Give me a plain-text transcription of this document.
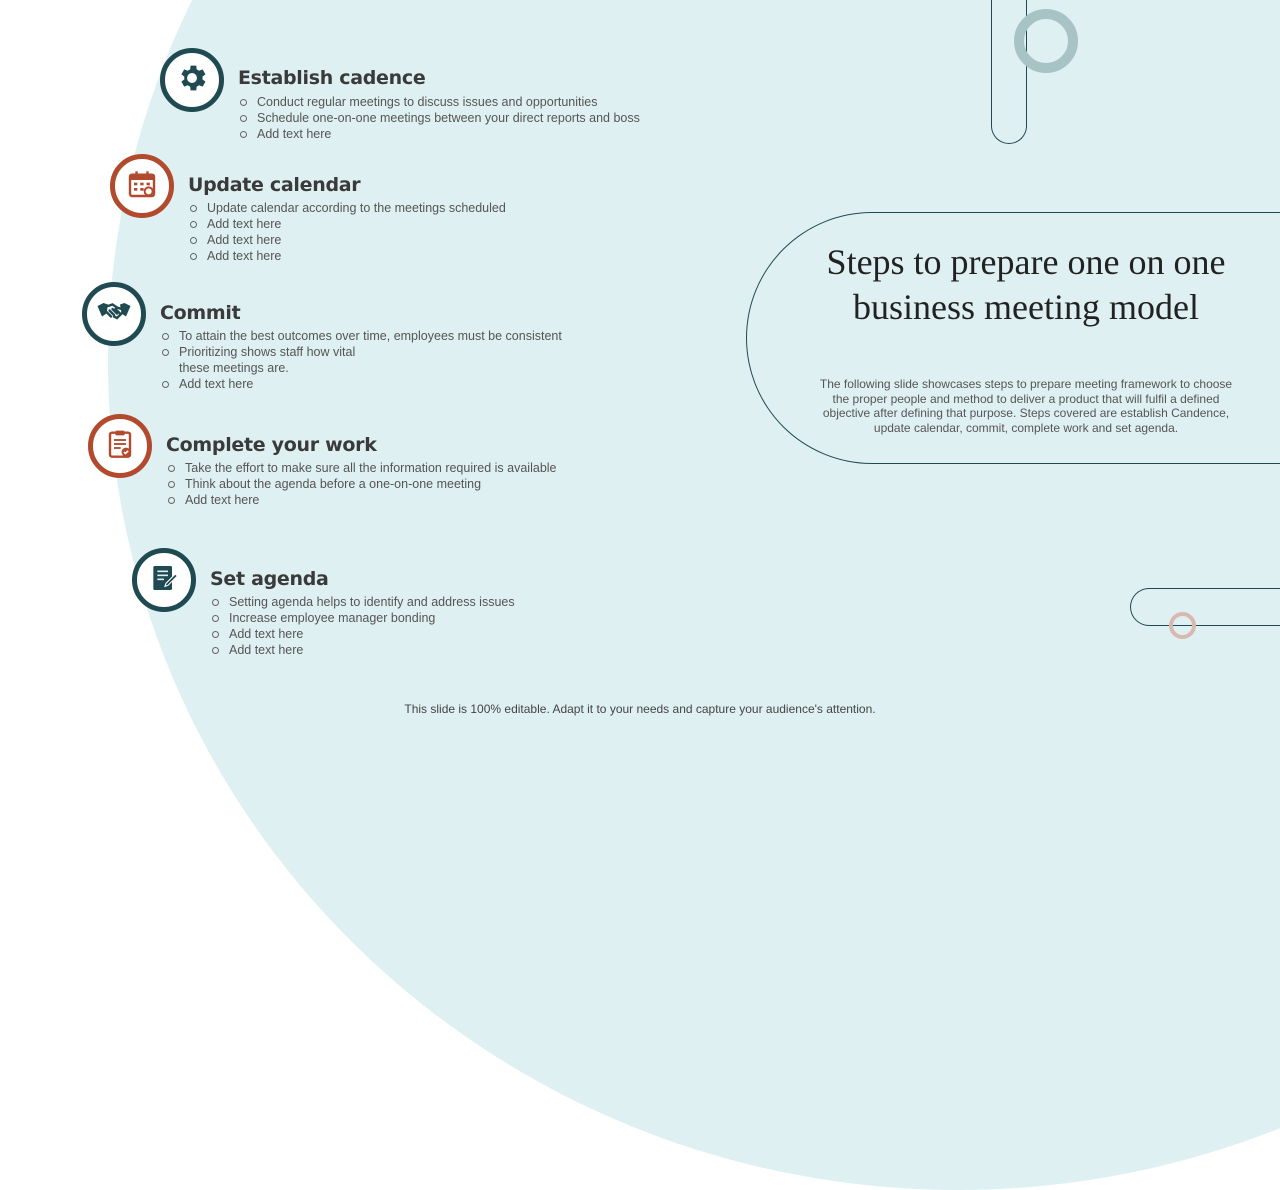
Steps to prepare one on one business meeting model

The following slide showcases steps to prepare meeting framework to choose the proper people and method to deliver a product that will fulfil a defined objective after defining that purpose. Steps covered are establish Candence, update calendar, commit, complete work and set agenda.

Establish cadence
Conduct regular meetings to discuss issues and opportunities
Schedule one-on-one meetings between your direct reports and boss
Add text here
Update calendar
Update calendar according to the meetings scheduled
Add text here
Add text here
Add text here
Commit
To attain the best outcomes over time, employees must be consistent
Prioritizing shows staff how vital
these meetings are.
Add text here
Complete your work
Take the effort to make sure all the information required is available
Think about the agenda before a one-on-one meeting
Add text here
Set agenda
Setting agenda helps to identify and address issues
Increase employee manager bonding
Add text here
Add text here
This slide is 100% editable. Adapt it to your needs and capture your audience's attention.
